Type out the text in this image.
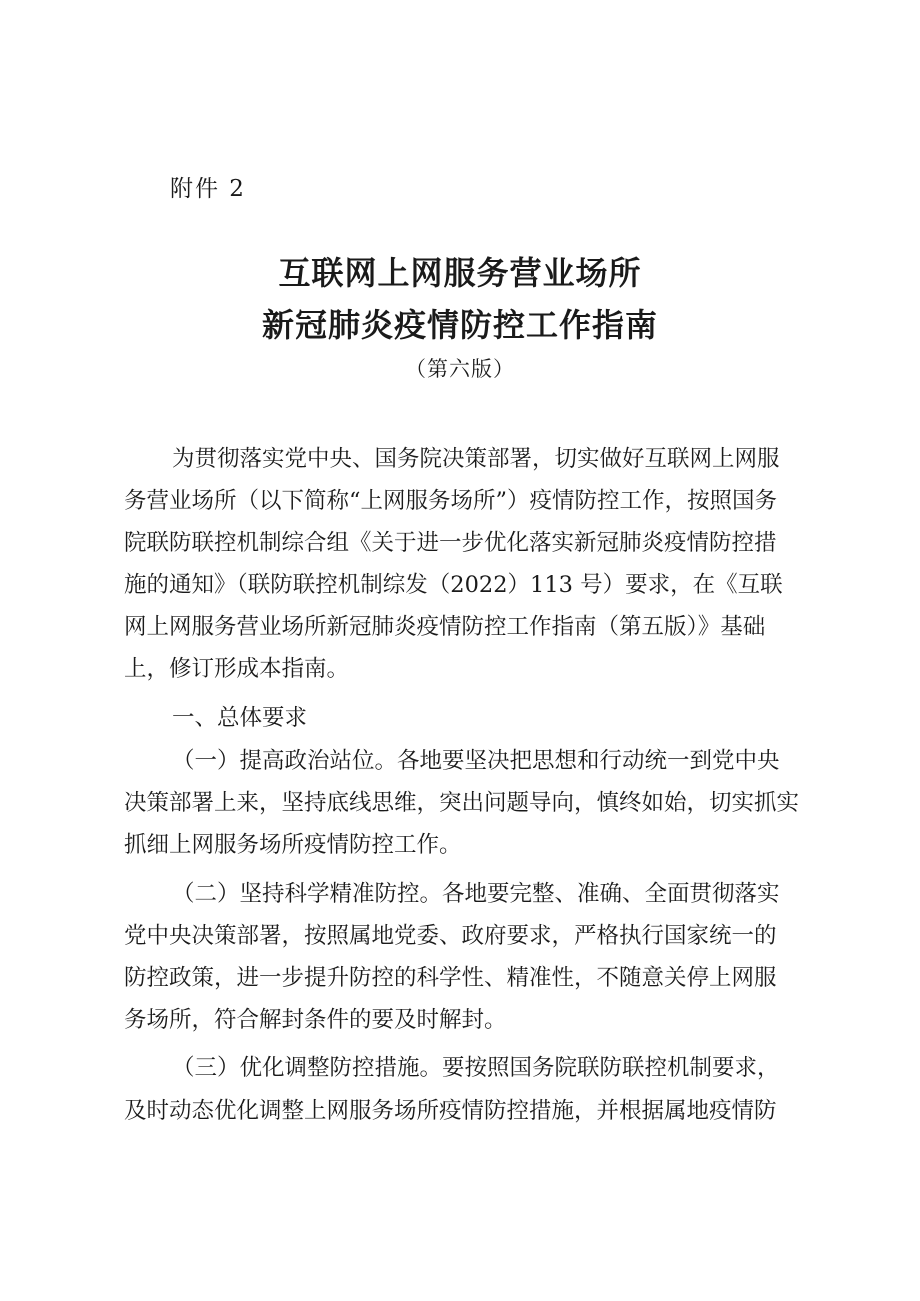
附件 2
互联网上网服务营业场所
新冠肺炎疫情防控工作指南
（第六版）
为贯彻落实党中央、国务院决策部署，切实做好互联网上网服
务营业场所（以下简称“上网服务场所”）疫情防控工作，按照国务
院联防联控机制综合组《关于进一步优化落实新冠肺炎疫情防控措
施的通知》（联防联控机制综发（2022）113 号）要求，在《互联
网上网服务营业场所新冠肺炎疫情防控工作指南（第五版）》基础
上，修订形成本指南。
一、总体要求
（一）提高政治站位。各地要坚决把思想和行动统一到党中央
决策部署上来，坚持底线思维，突出问题导向，慎终如始，切实抓实
抓细上网服务场所疫情防控工作。
（二）坚持科学精准防控。各地要完整、准确、全面贯彻落实
党中央决策部署，按照属地党委、政府要求，严格执行国家统一的
防控政策，进一步提升防控的科学性、精准性，不随意关停上网服
务场所，符合解封条件的要及时解封。
（三）优化调整防控措施。要按照国务院联防联控机制要求，
及时动态优化调整上网服务场所疫情防控措施，并根据属地疫情防
